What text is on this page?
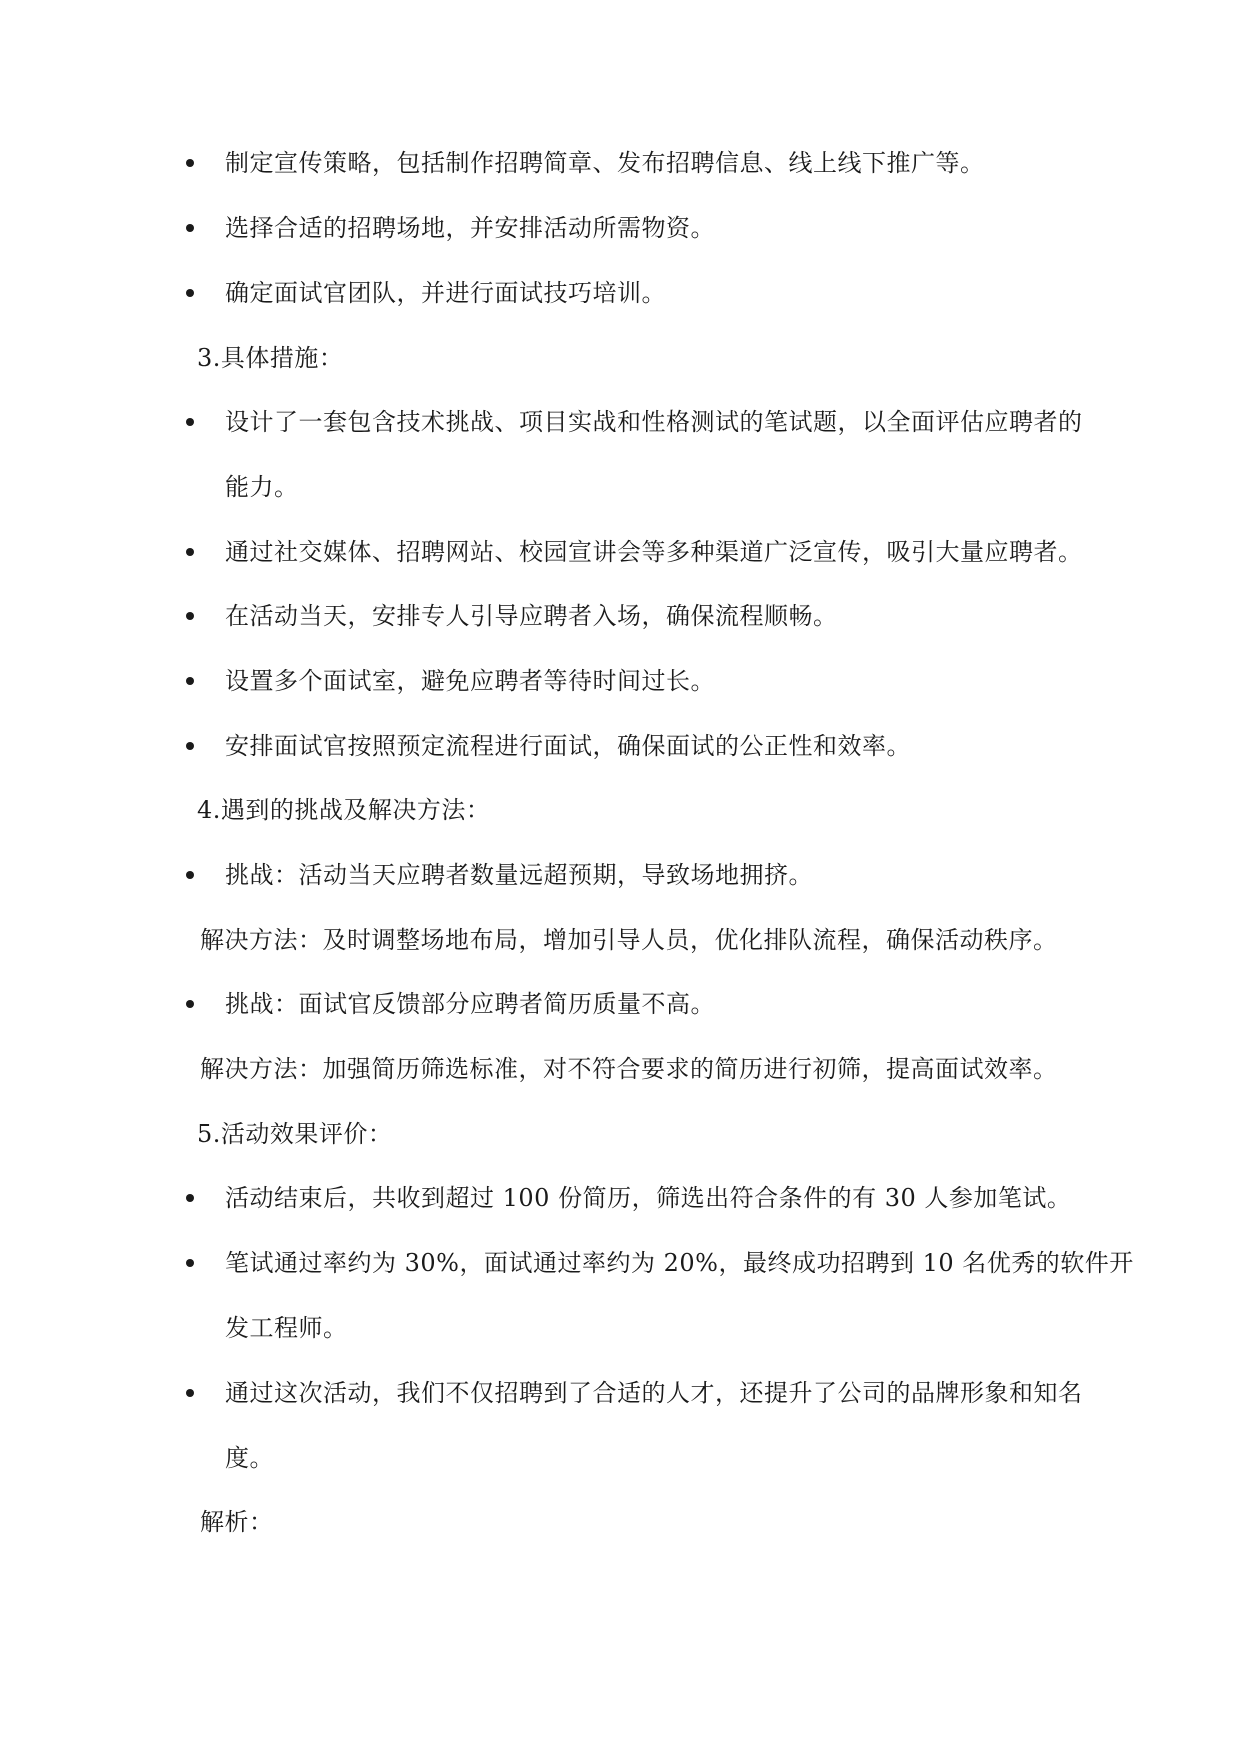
制定宣传策略，包括制作招聘简章、发布招聘信息、线上线下推广等。
选择合适的招聘场地，并安排活动所需物资。
确定面试官团队，并进行面试技巧培训。
3.具体措施：
设计了一套包含技术挑战、项目实战和性格测试的笔试题，以全面评估应聘者的
能力。
通过社交媒体、招聘网站、校园宣讲会等多种渠道广泛宣传，吸引大量应聘者。
在活动当天，安排专人引导应聘者入场，确保流程顺畅。
设置多个面试室，避免应聘者等待时间过长。
安排面试官按照预定流程进行面试，确保面试的公正性和效率。
4.遇到的挑战及解决方法：
挑战：活动当天应聘者数量远超预期，导致场地拥挤。
解决方法：及时调整场地布局，增加引导人员，优化排队流程，确保活动秩序。
挑战：面试官反馈部分应聘者简历质量不高。
解决方法：加强简历筛选标准，对不符合要求的简历进行初筛，提高面试效率。
5.活动效果评价：
活动结束后，共收到超过 100 份简历，筛选出符合条件的有 30 人参加笔试。
笔试通过率约为 30%，面试通过率约为 20%，最终成功招聘到 10 名优秀的软件开
发工程师。
通过这次活动，我们不仅招聘到了合适的人才，还提升了公司的品牌形象和知名
度。
解析：
